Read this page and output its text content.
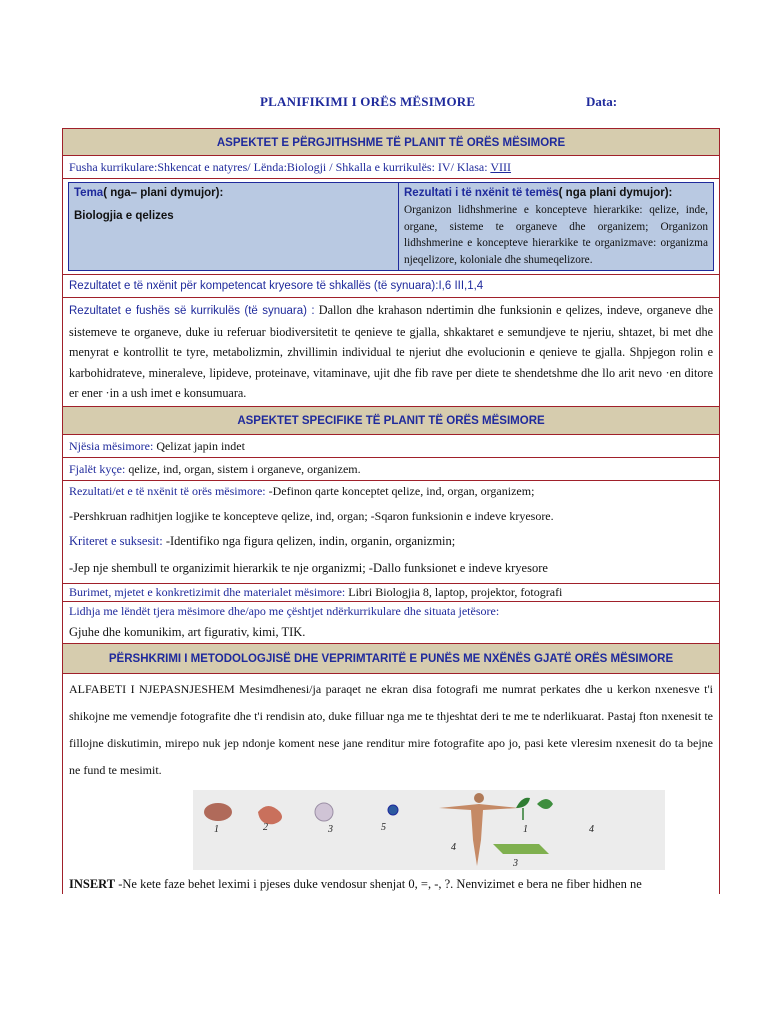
PLANIFIKIMI I ORËS MËSIMORE	Data:
ASPEKTET E PËRGJITHSHME TË PLANIT TË ORËS MËSIMORE
Fusha kurrikulare:Shkencat e natyres/ Lënda:Biologji / Shkalla e kurrikulës: IV/ Klasa: VIII
Tema( nga– plani dymujor):
Biologjia e qelizes
Rezultati i të nxënit të temës( nga plani dymujor):
Organizon lidhshmerine e koncepteve hierarkike: qelize, inde, organe, sisteme te organeve dhe organizem; Organizon lidhshmerine e koncepteve hierarkike te organizmave: organizma njeqelizore, koloniale dhe shumeqelizore.
Rezultatet e të nxënit për kompetencat kryesore të shkallës (të synuara):I,6 III,1,4
Rezultatet e fushës së kurrikulës (të synuara) : Dallon dhe krahason ndertimin dhe funksionin e qelizes, indeve, organeve dhe sistemeve te organeve, duke iu referuar biodiversitetit te qenieve te gjalla, shkaktaret e semundjeve te njeriu, shtazet, bi met dhe menyrat e kontrollit te tyre, metabolizmin, zhvillimin individual te njeriut dhe evolucionin e qenieve te gjalla. Shpjegon rolin e karbohidrateve, mineraleve, lipideve, proteinave, vitaminave, ujit dhe fib rave per diete te shendetshme dhe llo arit nevo ·en ditore er ener ·in a ush imet e konsumuara.
ASPEKTET SPECIFIKE TË PLANIT TË ORËS MËSIMORE
Njësia mësimore: Qelizat japin indet
Fjalët kyçe: qelize, ind, organ, sistem i organeve, organizem.
Rezultati/et e të nxënit të orës mësimore: -Definon qarte konceptet qelize, ind, organ, organizem;
-Pershkruan radhitjen logjike te koncepteve qelize, ind, organ; -Sqaron funksionin e indeve kryesore.
Kriteret e suksesit: -Identifiko nga figura qelizen, indin, organin, organizmin;
-Jep nje shembull te organizimit hierarkik te nje organizmi; -Dallo funksionet e indeve kryesore
Burimet, mjetet e konkretizimit dhe materialet mësimore: Libri Biologjia 8, laptop, projektor, fotografi
Lidhja me lëndët tjera mësimore dhe/apo me çështjet ndërkurrikulare dhe situata jetësore:
Gjuhe dhe komunikim, art figurativ, kimi, TIK.
PËRSHKRIMI I METODOLOGJISË DHE VEPRIMTARITË E PUNËS ME NXËNËS GJATË ORËS MËSIMORE
ALFABETI I NJEPASNJESHEM Mesimdhenesi/ja paraqet ne ekran disa fotografi me numrat perkates dhe u kerkon nxenesve t'i shikojne me vemendje fotografite dhe t'i rendisin ato, duke filluar nga me te thjeshtat deri te me te nderlikuarat. Pastaj fton nxenesit te fillojne diskutimin, mirepo nuk jep ndonje koment nese jane renditur mire fotografite apo jo, pasi kete vleresim nxenesit do ta bejne ne fund te mesimit.
1	2	3	5
4
1	4
3
INSERT -Ne kete faze behet leximi i pjeses duke vendosur shenjat 0, =, -, ?. Nenvizimet e bera ne fiber hidhen ne
